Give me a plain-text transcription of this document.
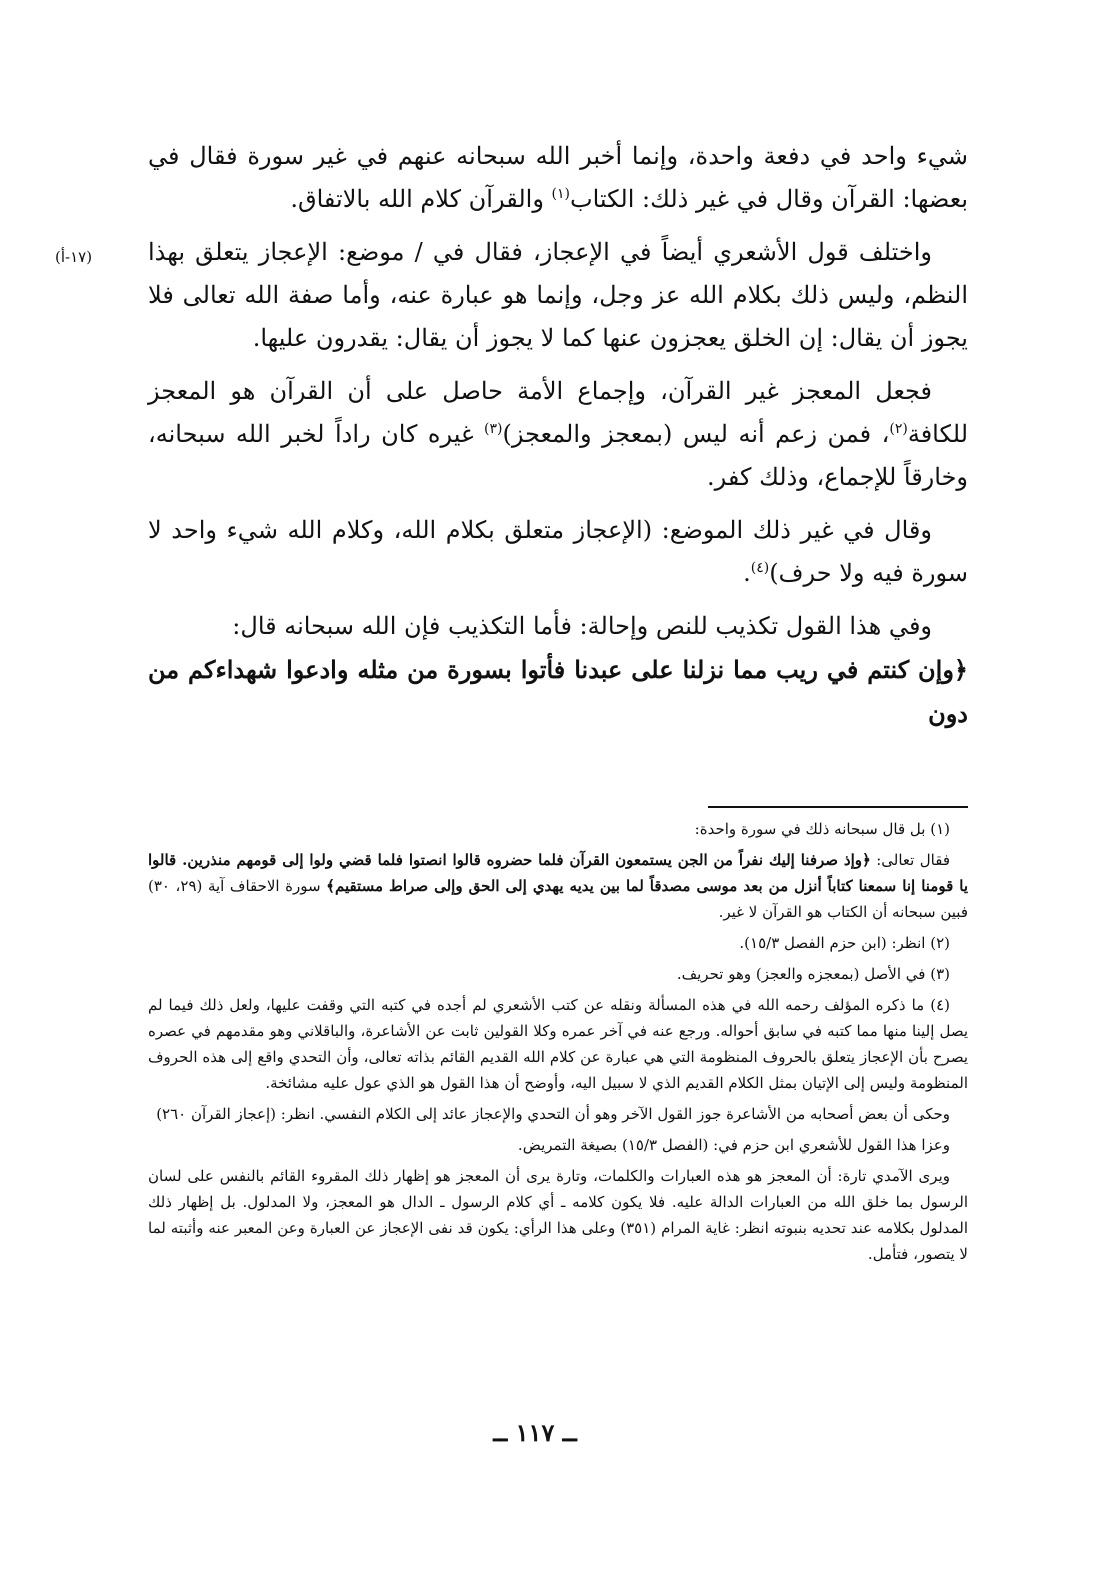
(١٧-أ)

شيء واحد في دفعة واحدة، وإنما أخبر الله سبحانه عنهم في غير سورة فقال في بعضها: القرآن وقال في غير ذلك: الكتاب$^{(١)}$ والقرآن كلام الله بالاتفاق.

واختلف قول الأشعري أيضاً في الإعجاز، فقال في / موضع: الإعجاز يتعلق بهذا النظم، وليس ذلك بكلام الله عز وجل، وإنما هو عبارة عنه، وأما صفة الله تعالى فلا يجوز أن يقال: إن الخلق يعجزون عنها كما لا يجوز أن يقال: يقدرون عليها.

فجعل المعجز غير القرآن، وإجماع الأمة حاصل على أن القرآن هو المعجز للكافة$^{(٢)}$، فمن زعم أنه ليس (بمعجز والمعجز)$^{(٣)}$ غيره كان راداً لخبر الله سبحانه، وخارقاً للإجماع، وذلك كفر.

وقال في غير ذلك الموضع: (الإعجاز متعلق بكلام الله، وكلام الله شيء واحد لا سورة فيه ولا حرف)$^{(٤)}$.

وفي هذا القول تكذيب للنص وإحالة: فأما التكذيب فإن الله سبحانه قال:
﴿وإن كنتم في ريب مما نزلنا على عبدنا فأتوا بسورة من مثله وادعوا شهداءكم من دون

(١) بل قال سبحانه ذلك في سورة واحدة:

فقال تعالى: ﴿وإذ صرفنا إليك نفراً من الجن يستمعون القرآن فلما حضروه قالوا انصتوا فلما قضي ولوا إلى قومهم منذرين. قالوا يا قومنا إنا سمعنا كتاباً أنزل من بعد موسى مصدقاً لما بين يديه يهدي إلى الحق وإلى صراط مستقيم﴾ سورة الاحقاف آية (٢٩، ٣٠) فبين سبحانه أن الكتاب هو القرآن لا غير.

(٢) انظر: (ابن حزم الفصل ١٥/٣).

(٣) في الأصل (بمعجزه والعجز) وهو تحريف.

(٤) ما ذكره المؤلف رحمه الله في هذه المسألة ونقله عن كتب الأشعري لم أجده في كتبه التي وقفت عليها، ولعل ذلك فيما لم يصل إلينا منها مما كتبه في سابق أحواله. ورجع عنه في آخر عمره وكلا القولين ثابت عن الأشاعرة، والباقلاني وهو مقدمهم في عصره يصرح بأن الإعجاز يتعلق بالحروف المنظومة التي هي عبارة عن كلام الله القديم القائم بذاته تعالى، وأن التحدي واقع إلى هذه الحروف المنظومة وليس إلى الإتيان بمثل الكلام القديم الذي لا سبيل اليه، وأوضح أن هذا القول هو الذي عول عليه مشائخة.

وحكى أن بعض أصحابه من الأشاعرة جوز القول الآخر وهو أن التحدي والإعجاز عائد إلى الكلام النفسي. انظر: (إعجاز القرآن ٢٦٠)

وعزا هذا القول للأشعري ابن حزم في: (الفصل ١٥/٣) بصيغة التمريض.

ويرى الآمدي تارة: أن المعجز هو هذه العبارات والكلمات، وتارة يرى أن المعجز هو إظهار ذلك المقروء القائم بالنفس على لسان الرسول بما خلق الله من العبارات الدالة عليه. فلا يكون كلامه ـ أي كلام الرسول ـ الدال هو المعجز، ولا المدلول. بل إظهار ذلك المدلول بكلامه عند تحديه بنبوته انظر: غاية المرام (٣٥١) وعلى هذا الرأي: يكون قد نفى الإعجاز عن العبارة وعن المعبر عنه وأثبته لما لا يتصور، فتأمل.

ــ ١١٧ ــ
